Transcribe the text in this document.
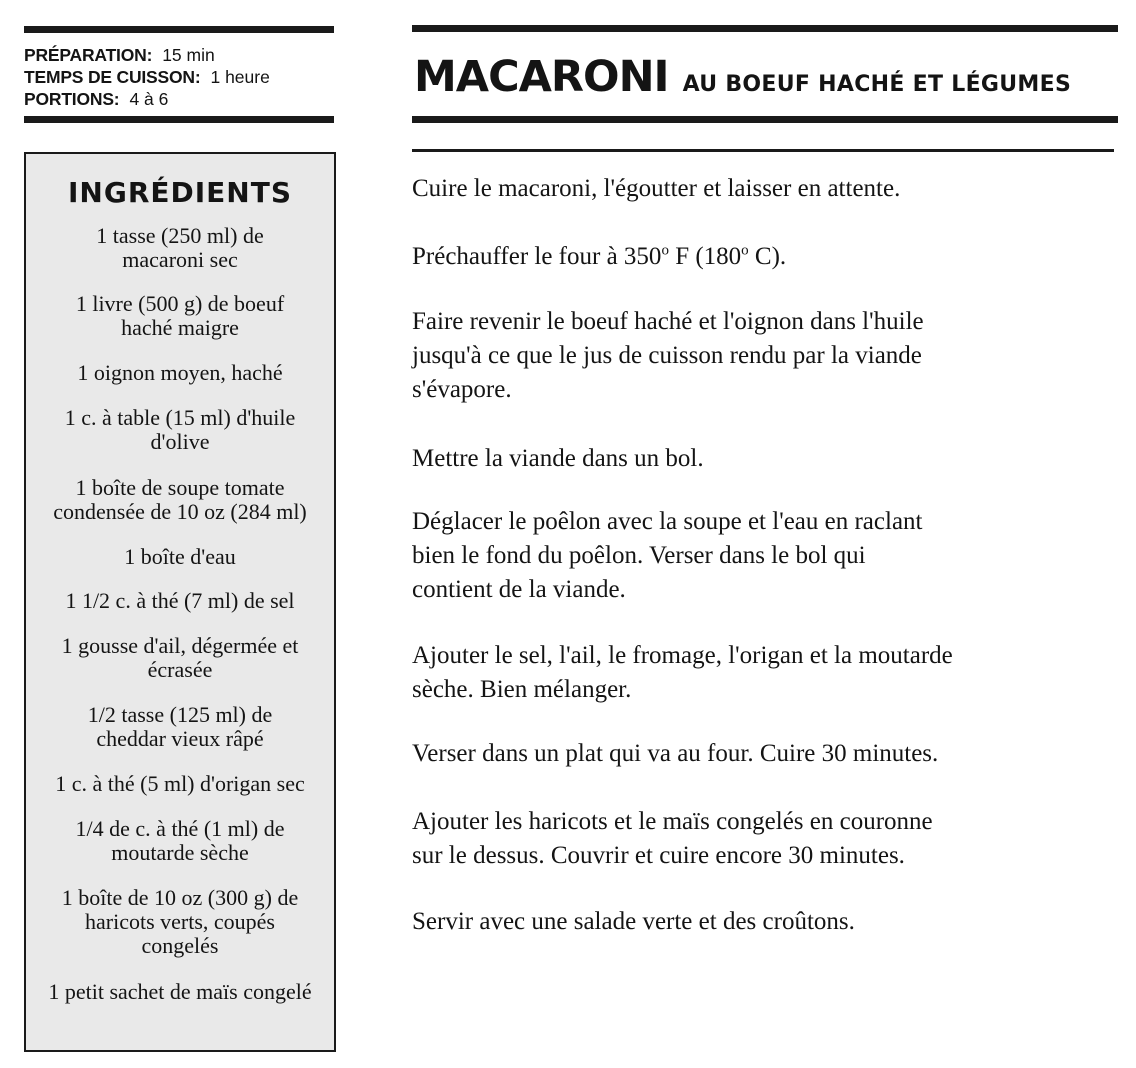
PRÉPARATION: 15 min
TEMPS DE CUISSON: 1 heure
PORTIONS: 4 à 6	MACARONI AU BOEUF HACHÉ ET LÉGUMES
INGRÉDIENTS
1 tasse (250 ml) de
macaroni sec
1 livre (500 g) de boeuf
haché maigre
1 oignon moyen, haché
1 c. à table (15 ml) d'huile
d'olive
1 boîte de soupe tomate
condensée de 10 oz (284 ml)
1 boîte d'eau
1 1/2 c. à thé (7 ml) de sel
1 gousse d'ail, dégermée et
écrasée
1/2 tasse (125 ml) de
cheddar vieux râpé
1 c. à thé (5 ml) d'origan sec
1/4 de c. à thé (1 ml) de
moutarde sèche
1 boîte de 10 oz (300 g) de
haricots verts, coupés
congelés
1 petit sachet de maïs congelé
Cuire le macaroni, l'égoutter et laisser en attente.
Préchauffer le four à 350$^o$ F (180$^o$ C).
Faire revenir le boeuf haché et l'oignon dans l'huile
jusqu'à ce que le jus de cuisson rendu par la viande
s'évapore.
Mettre la viande dans un bol.
Déglacer le poêlon avec la soupe et l'eau en raclant
bien le fond du poêlon. Verser dans le bol qui
contient de la viande.
Ajouter le sel, l'ail, le fromage, l'origan et la moutarde
sèche. Bien mélanger.
Verser dans un plat qui va au four. Cuire 30 minutes.
Ajouter les haricots et le maïs congelés en couronne
sur le dessus. Couvrir et cuire encore 30 minutes.
Servir avec une salade verte et des croûtons.
